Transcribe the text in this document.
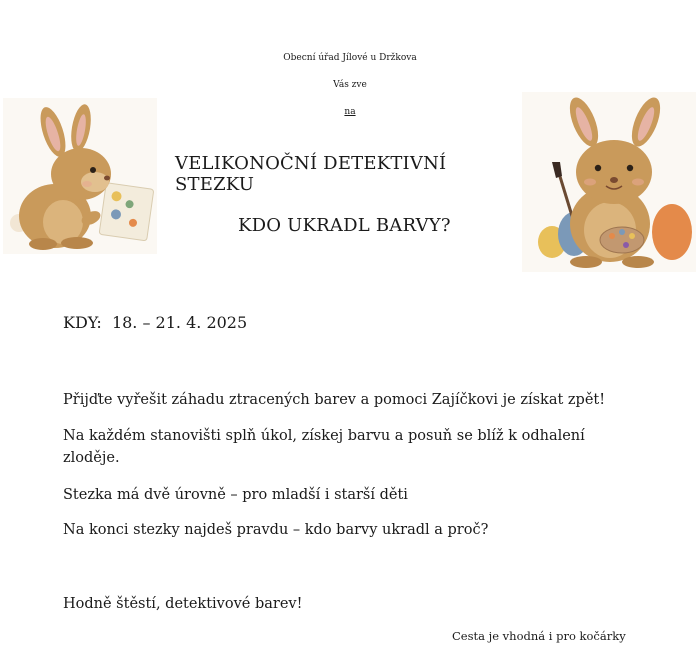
Obecní úřad Jílové u Držkova
Vás zve
na
VELIKONOČNÍ DETEKTIVNÍ STEZKU
KDO UKRADL BARVY?
KDY: 18. – 21. 4. 2025
Přijďte vyřešit záhadu ztracených barev a pomoci Zajíčkovi je získat zpět!
Na každém stanovišti splň úkol, získej barvu a posuň se blíž k odhalení zloděje.
Stezka má dvě úrovně – pro mladší i starší děti
Na konci stezky najdeš pravdu – kdo barvy ukradl a proč?
Hodně štěstí, detektivové barev!
Cesta je vhodná i pro kočárky
